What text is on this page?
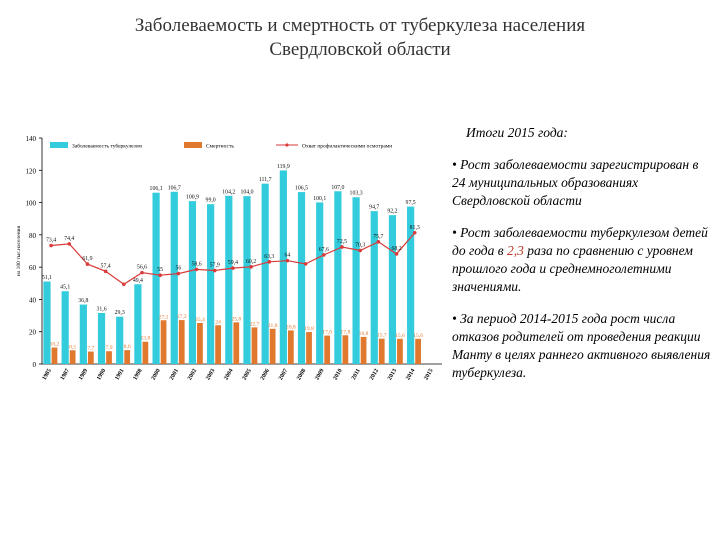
Заболеваемость и смертность от туберкулеза населения
Свердловской области
0
20
40
60
80
100
120
140
на 100 тыс.населения
1985 1987 1989 1990 1991 1998 2000 2001 2002 2003 2004 2005 2006 2007 2008 2009 2010 2011 2012 2013 2014 2015
Заболеваемость туберкулезом	Смертность	Охват профилактическими осмотрами
51,1
45,1
36,8
31,6
29,3
49,4
106,1 106,7
100,9
99,0
104,2 104,0
111,7
119,9
106,5
100,1
107,0
103,3
94,7
92,2
97,5
10,2 8,5 7,7 7,9 8,6
13,8
27,1 27,2 25,4 24 25,8
22,7 21,8 20,8 19,8
17,6 17,8 16,8 15,7 15,6 15,6
73,4 74,4
61,9
57,4	56,6 55 56
58,6 57,9 59,4 60,2
63,3 64
67,6
72,5
70,3
75,7
68,2
81,3
Итоги 2015 года:

• Рост заболеваемости зарегистрирован в 24 муниципальных образованиях Свердловской области

• Рост заболеваемости туберкулезом детей до года в 2,3 раза по сравнению с уровнем прошлого года и среднемноголетними значениями.

• За период 2014-2015 года рост числа отказов родителей от проведения реакции Манту в целях раннего активного выявления туберкулеза.
